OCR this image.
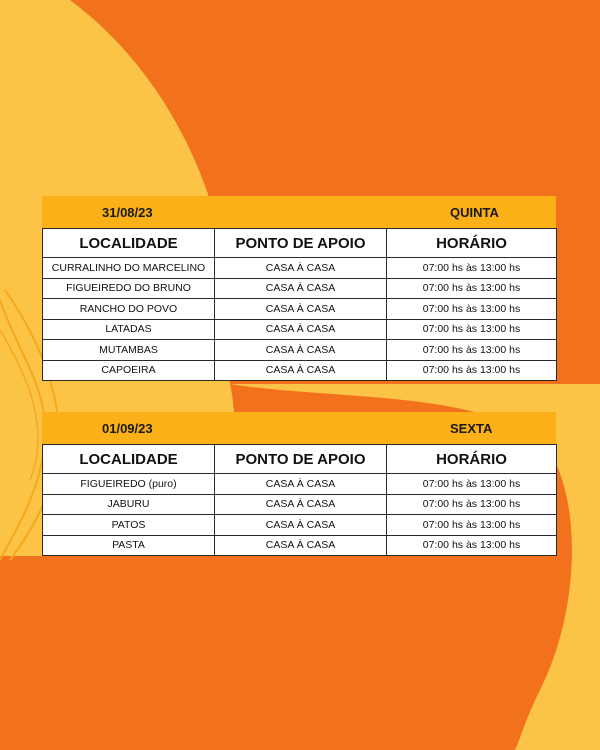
31/08/23	QUINTA
LOCALIDADE	PONTO DE APOIO	HORÁRIO
CURRALINHO DO MARCELINO	CASA À CASA	07:00 hs às 13:00 hs
FIGUEIREDO DO BRUNO	CASA À CASA	07:00 hs às 13:00 hs
RANCHO DO POVO	CASA À CASA	07:00 hs às 13:00 hs
LATADAS	CASA À CASA	07:00 hs às 13:00 hs
MUTAMBAS	CASA À CASA	07:00 hs às 13:00 hs
CAPOEIRA	CASA À CASA	07:00 hs às 13:00 hs
01/09/23	SEXTA
LOCALIDADE	PONTO DE APOIO	HORÁRIO
FIGUEIREDO (puro)	CASA À CASA	07:00 hs às 13:00 hs
JABURU	CASA À CASA	07:00 hs às 13:00 hs
PATOS	CASA À CASA	07:00 hs às 13:00 hs
PASTA	CASA À CASA	07:00 hs às 13:00 hs
